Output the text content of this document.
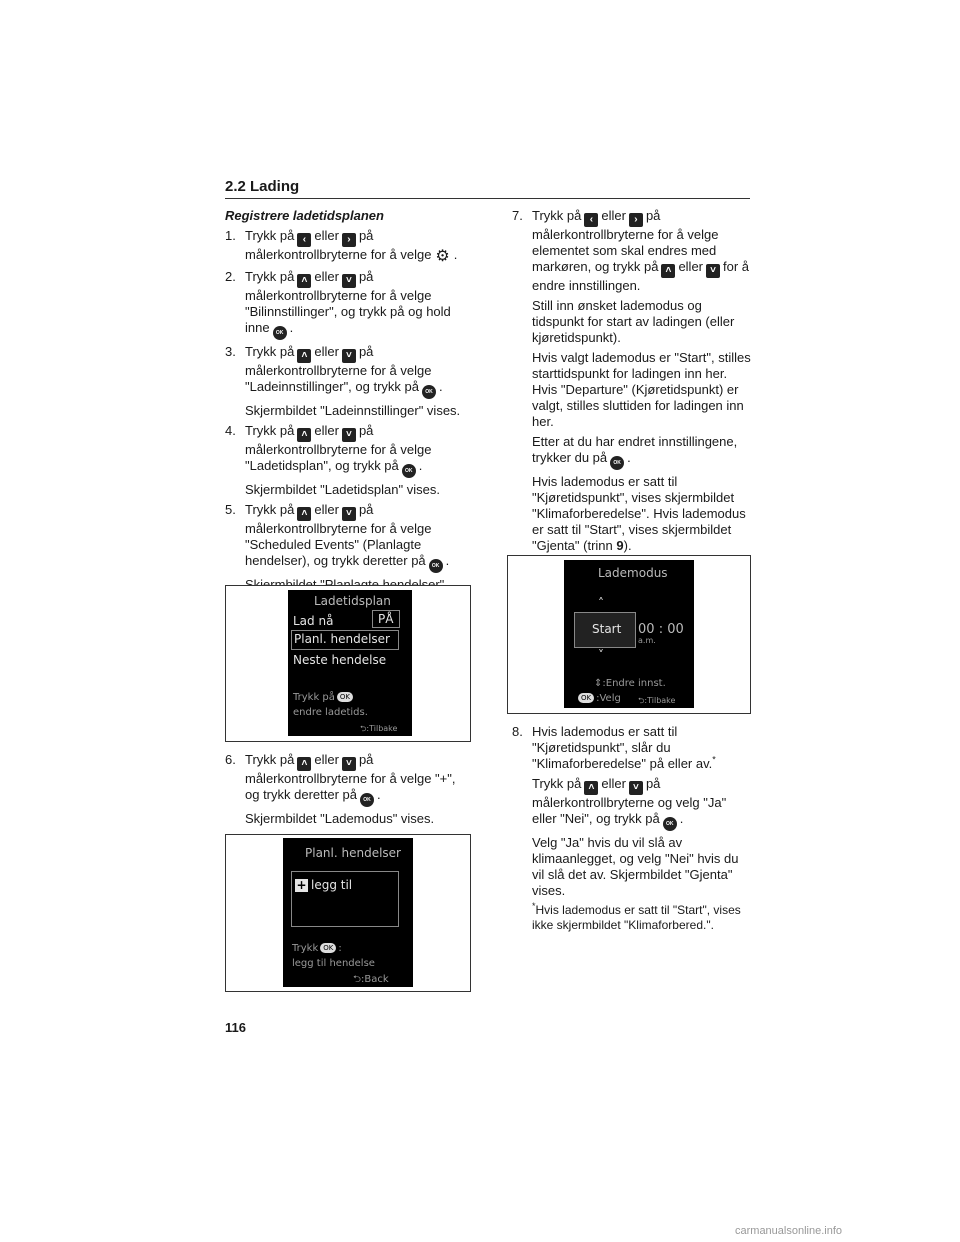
2.2 Lading
Registrere ladetidsplanen
1. Trykk på ‹ eller › på målerkontrollbryterne for å velge ⚙ .
2. Trykk på ˄ eller ˅ på målerkontrollbryterne for å velge "Bilinnstillinger", og trykk på og hold inne OK .
3. Trykk på ˄ eller ˅ på målerkontrollbryterne for å velge "Ladeinnstillinger", og trykk på OK .
Skjermbildet "Ladeinnstillinger" vises.
4. Trykk på ˄ eller ˅ på målerkontrollbryterne for å velge "Ladetidsplan", og trykk på OK .
Skjermbildet "Ladetidsplan" vises.
5. Trykk på ˄ eller ˅ på målerkontrollbryterne for å velge "Scheduled Events" (Planlagte hendelser), og trykk deretter på OK .
Ladetidsplan
Lad nå	PÅ
Planl. hendelser
Neste hendelse
Trykk på OK
endre ladetids.
⮌:Tilbake
6. Trykk på ˄ eller ˅ på målerkontrollbryterne for å velge "+", og trykk deretter på OK .
Skjermbildet "Lademodus" vises.
Planl. hendelser
+ legg til
Trykk OK :
legg til hendelse
⮌:Back
7. Trykk på ‹ eller › på målerkontrollbryterne for å velge elementet som skal endres med markøren, og trykk på ˄ eller ˅ for å endre innstillingen.
Still inn ønsket lademodus og tidspunkt for start av ladingen (eller kjøretidspunkt).
Hvis valgt lademodus er "Start", stilles starttidspunkt for ladingen inn her. Hvis "Departure" (Kjøretidspunkt) er valgt, stilles sluttiden for ladingen inn her.
Etter at du har endret innstillingene, trykker du på OK .
Hvis lademodus er satt til "Kjøretidspunkt", vises skjermbildet "Klimaforberedelse". Hvis lademodus er satt til "Start", vises skjermbildet "Gjenta" (trinn 9).
Lademodus
˄
Start
˅
00 : 00
a.m.
⇕:Endre innst.
OK :Velg ⮌:Tilbake
8. Hvis lademodus er satt til "Kjøretidspunkt", slår du "Klimaforberedelse" på eller av.*
Trykk på ˄ eller ˅ på målerkontrollbryterne og velg "Ja" eller "Nei", og trykk på OK .
Velg "Ja" hvis du vil slå av klimaanlegget, og velg "Nei" hvis du vil slå det av. Skjermbildet "Gjenta" vises.
*Hvis lademodus er satt til "Start", vises ikke skjermbildet "Klimaforbered.".
116
carmanualsonline.info
